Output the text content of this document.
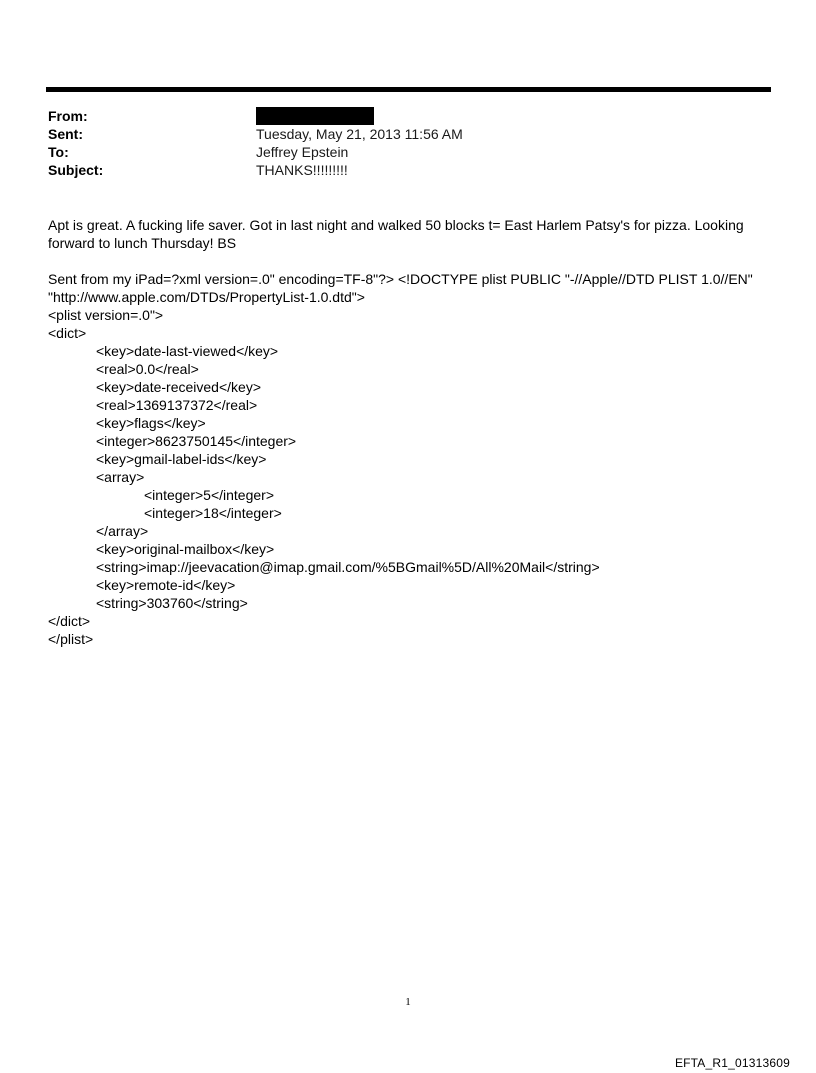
From:
Sent:	Tuesday, May 21, 2013 11:56 AM
To:	Jeffrey Epstein
Subject:	THANKS!!!!!!!!!

Apt is great. A fucking life saver. Got in last night and walked 50 blocks t= East Harlem Patsy's for pizza. Looking forward to lunch Thursday! BS

Sent from my iPad=?xml version=.0" encoding=TF-8"?> <!DOCTYPE plist PUBLIC "-//Apple//DTD PLIST 1.0//EN" "http://www.apple.com/DTDs/PropertyList-1.0.dtd">

<plist version=.0">
<dict>
<key>date-last-viewed</key>
<real>0.0</real>
<key>date-received</key>
<real>1369137372</real>
<key>flags</key>
<integer>8623750145</integer>
<key>gmail-label-ids</key>
<array>
<integer>5</integer>
<integer>18</integer>
</array>
<key>original-mailbox</key>
<string>imap://jeevacation@imap.gmail.com/%5BGmail%5D/All%20Mail</string>
<key>remote-id</key>
<string>303760</string>
</dict>
</plist>
1
EFTA_R1_01313609
